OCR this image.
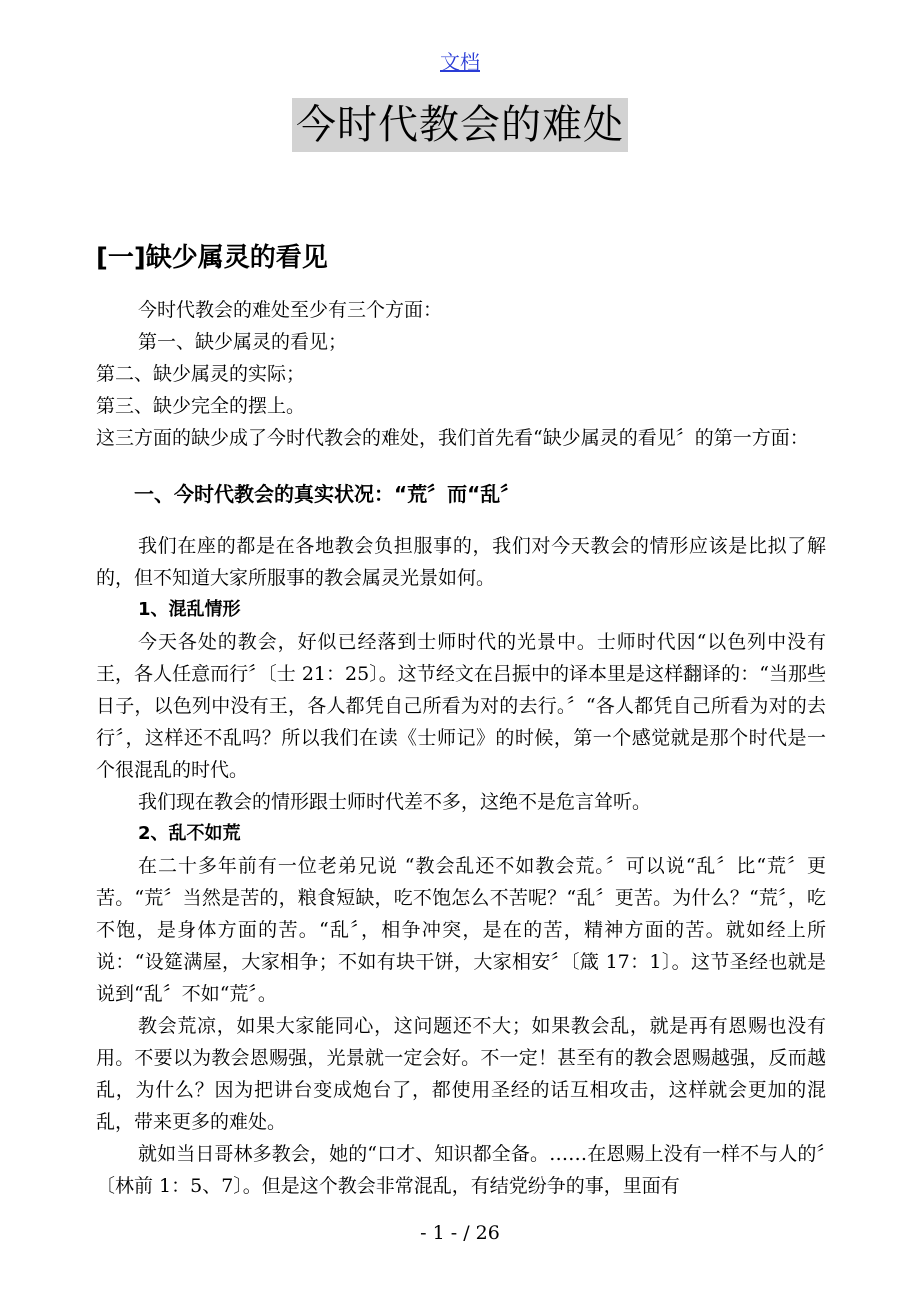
文档
今时代教会的难处
[一]缺少属灵的看见

今时代教会的难处至少有三个方面：

第一、缺少属灵的看见；

第二、缺少属灵的实际；

第三、缺少完全的摆上。

这三方面的缺少成了今时代教会的难处，我们首先看“缺少属灵的看见〞的第一方面：

一、今时代教会的真实状况：“荒〞而“乱〞

我们在座的都是在各地教会负担服事的，我们对今天教会的情形应该是比拟了解的，但不知道大家所服事的教会属灵光景如何。

1、混乱情形

今天各处的教会，好似已经落到士师时代的光景中。士师时代因“以色列中没有王，各人任意而行〞〔士 21：25〕。这节经文在吕振中的译本里是这样翻译的：“当那些日子，以色列中没有王，各人都凭自己所看为对的去行。〞“各人都凭自己所看为对的去行〞，这样还不乱吗？所以我们在读《士师记》的时候，第一个感觉就是那个时代是一个很混乱的时代。

我们现在教会的情形跟士师时代差不多，这绝不是危言耸听。

2、乱不如荒

在二十多年前有一位老弟兄说 “教会乱还不如教会荒。〞可以说“乱〞比“荒〞更苦。“荒〞当然是苦的，粮食短缺，吃不饱怎么不苦呢？“乱〞更苦。为什么？“荒〞，吃不饱，是身体方面的苦。“乱〞，相争冲突，是在的苦，精神方面的苦。就如经上所说：“设筵满屋，大家相争；不如有块干饼，大家相安〞〔箴 17：1〕。这节圣经也就是说到“乱〞不如“荒〞。

教会荒凉，如果大家能同心，这问题还不大；如果教会乱，就是再有恩赐也没有用。不要以为教会恩赐强，光景就一定会好。不一定！甚至有的教会恩赐越强，反而越乱，为什么？因为把讲台变成炮台了，都使用圣经的话互相攻击，这样就会更加的混乱，带来更多的难处。

就如当日哥林多教会，她的“口才、知识都全备。……在恩赐上没有一样不与人的〞〔林前 1：5、7〕。但是这个教会非常混乱，有结党纷争的事，里面有

- 1 - / 26
